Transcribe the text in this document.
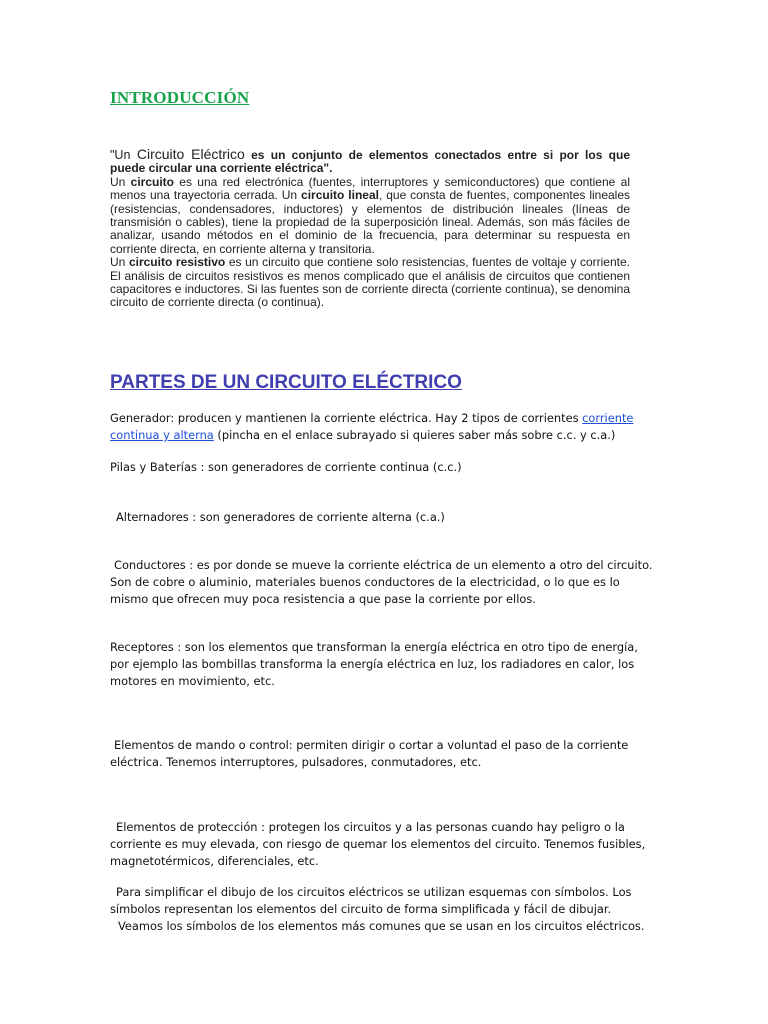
INTRODUCCIÓN

"Un Circuito Eléctrico es un conjunto de elementos conectados entre si por los que puede circular una corriente eléctrica".

Un circuito es una red electrónica (fuentes, interruptores y semiconductores) que contiene al menos una trayectoria cerrada. Un circuito lineal, que consta de fuentes, componentes lineales (resistencias, condensadores, inductores) y elementos de distribución lineales (líneas de transmisión o cables), tiene la propiedad de la superposición lineal. Además, son más fáciles de analizar, usando métodos en el dominio de la frecuencia, para determinar su respuesta en corriente directa, en corriente alterna y transitoria.

Un circuito resistivo es un circuito que contiene solo resistencias, fuentes de voltaje y corriente. El análisis de circuitos resistivos es menos complicado que el análisis de circuitos que contienen capacitores e inductores. Si las fuentes son de corriente directa (corriente continua), se denomina circuito de corriente directa (o continua).

PARTES DE UN CIRCUITO ELÉCTRICO

Generador: producen y mantienen la corriente eléctrica. Hay 2 tipos de corrientes corriente continua y alterna (pincha en el enlace subrayado si quieres saber más sobre c.c. y c.a.)

Pilas y Baterías : son generadores de corriente continua (c.c.)

Alternadores : son generadores de corriente alterna (c.a.)

Conductores : es por donde se mueve la corriente eléctrica de un elemento a otro del circuito.
Son de cobre o aluminio, materiales buenos conductores de la electricidad, o lo que es lo mismo que ofrecen muy poca resistencia a que pase la corriente por ellos.

Receptores : son los elementos que transforman la energía eléctrica en otro tipo de energía, por ejemplo las bombillas transforma la energía eléctrica en luz, los radiadores en calor, los motores en movimiento, etc.

Elementos de mando o control: permiten dirigir o cortar a voluntad el paso de la corriente eléctrica. Tenemos interruptores, pulsadores, conmutadores, etc.

Elementos de protección : protegen los circuitos y a las personas cuando hay peligro o la corriente es muy elevada, con riesgo de quemar los elementos del circuito. Tenemos fusibles, magnetotérmicos, diferenciales, etc.

Para simplificar el dibujo de los circuitos eléctricos se utilizan esquemas con símbolos. Los símbolos representan los elementos del circuito de forma simplificada y fácil de dibujar.
Veamos los símbolos de los elementos más comunes que se usan en los circuitos eléctricos.
